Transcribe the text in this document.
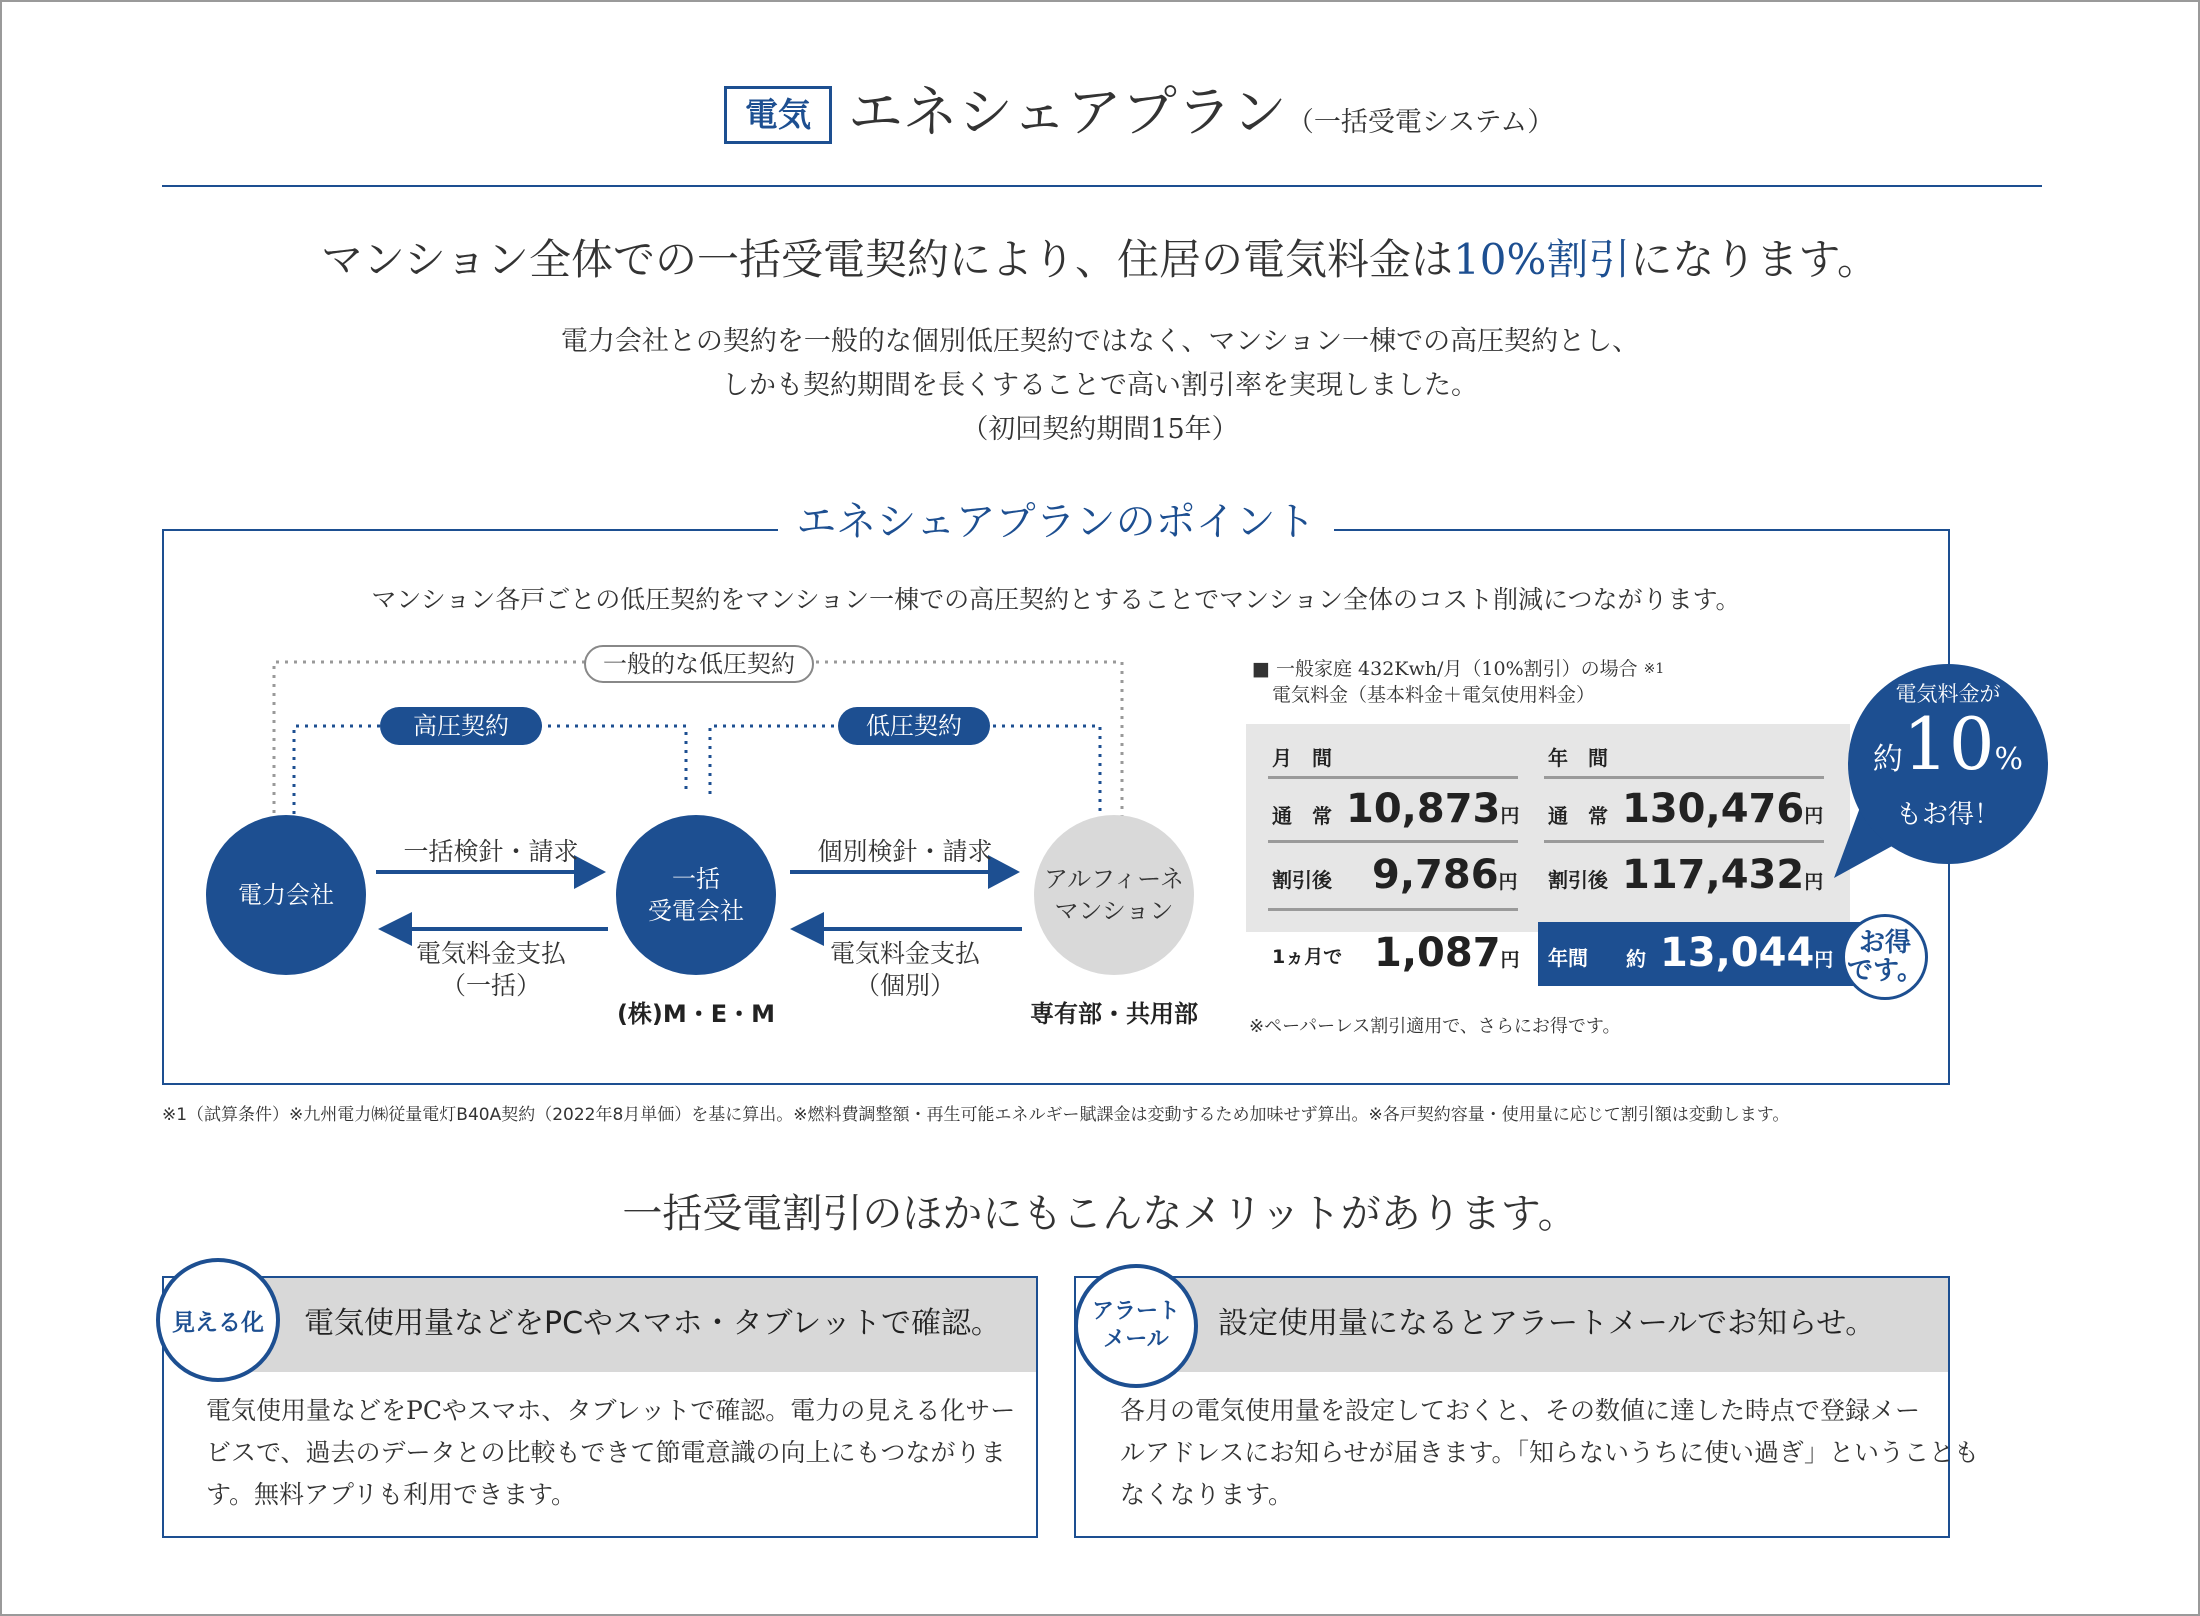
電気 エネシェアプラン（一括受電システム）
マンション全体での一括受電契約により、住居の電気料金は10%割引になります。
電力会社との契約を一般的な個別低圧契約ではなく、マンション一棟での高圧契約とし、
しかも契約期間を長くすることで高い割引率を実現しました。
（初回契約期間15年）
エネシェアプランのポイント
マンション各戸ごとの低圧契約をマンション一棟での高圧契約とすることでマンション全体のコスト削減につながります。
一般的な低圧契約
高圧契約	低圧契約
電力会社
一括
受電会社
(株)M・E・M
アルフィーネ
マンション
専有部・共用部
一括検針・請求
電気料金支払
（一括）
個別検針・請求
電気料金支払
（個別）
■ 一般家庭 432Kwh/月（10%割引）の場合 $^{※1}$
電気料金（基本料金＋電気使用料金）
月　間	年　間
通　常 10,873円 通　常 130,476円
割引後 9,786円 割引後 117,432円
1ヵ月で 1,087円 年間 約 13,044円
お得
です。
電気料金が
約10%
もお得！
※ペーパーレス割引適用で、さらにお得です。
※1（試算条件）※九州電力㈱従量電灯B40A契約（2022年8月単価）を基に算出。※燃料費調整額・再生可能エネルギー賦課金は変動するため加味せず算出。※各戸契約容量・使用量に応じて割引額は変動します。
一括受電割引のほかにもこんなメリットがあります。
電気使用量などをPCやスマホ・タブレットで確認。
電気使用量などをPCやスマホ、タブレットで確認。電力の見える化サー
ビスで、過去のデータとの比較もできて節電意識の向上にもつながりま
す。無料アプリも利用できます。
見える化	設定使用量になるとアラートメールでお知らせ。
各月の電気使用量を設定しておくと、その数値に達した時点で登録メー
ルアドレスにお知らせが届きます。「知らないうちに使い過ぎ」ということも
なくなります。
アラート
メール
